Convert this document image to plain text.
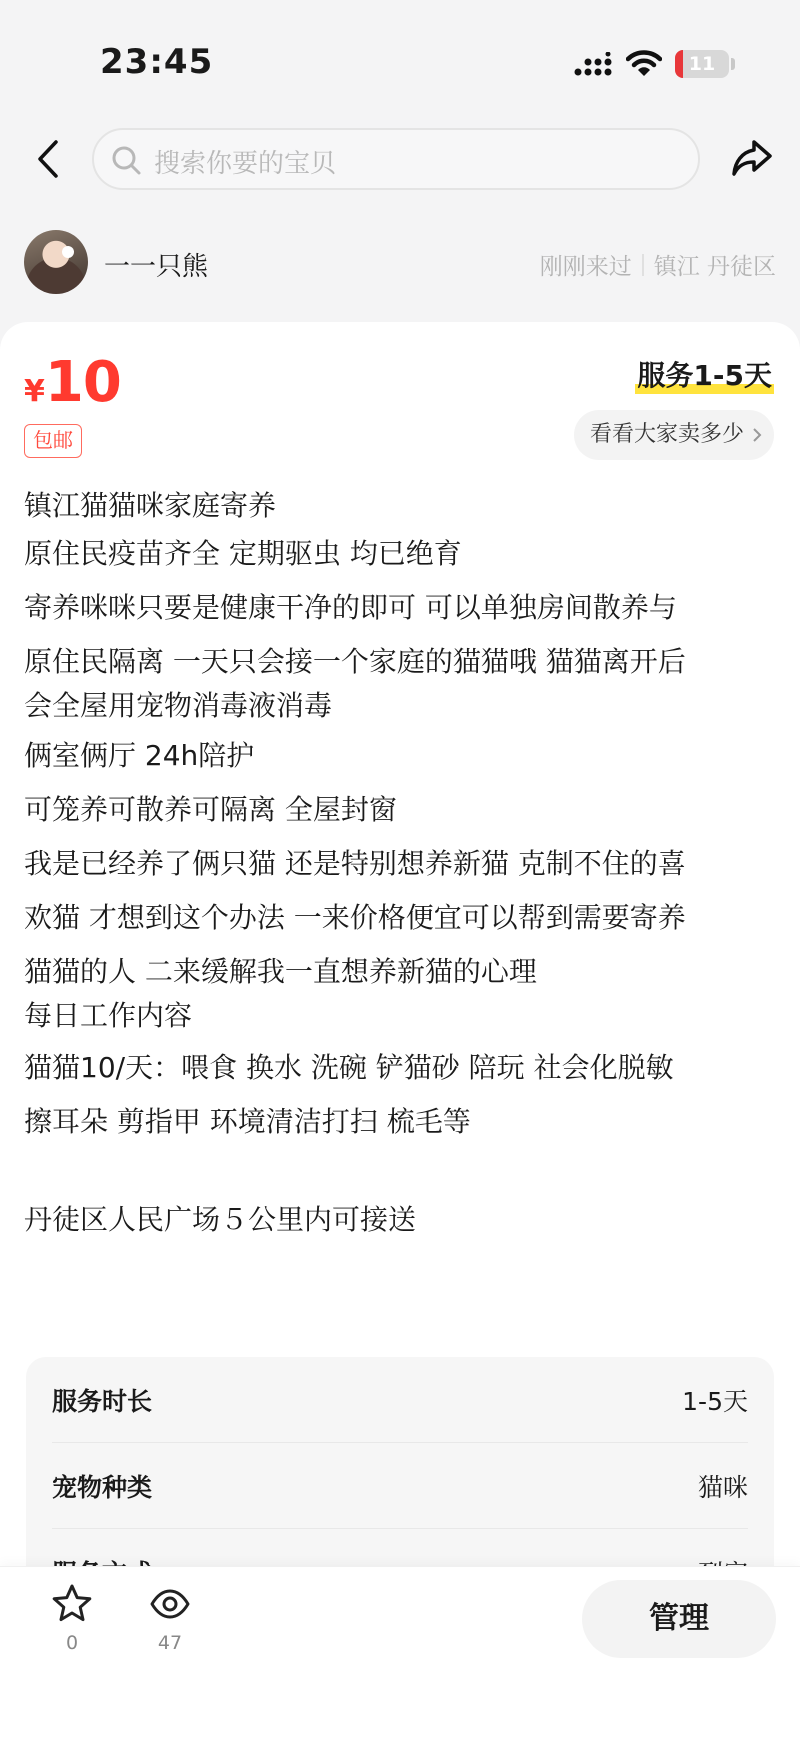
23:45	11
搜索你要的宝贝
一一只熊	刚刚来过 镇江 丹徒区
¥10
包邮
服务1-5天
看看大家卖多少
镇江猫猫咪家庭寄养
原住民疫苗齐全 定期驱虫 均已绝育
寄养咪咪只要是健康干净的即可 可以单独房间散养与
原住民隔离 一天只会接一个家庭的猫猫哦 猫猫离开后
会全屋用宠物消毒液消毒
俩室俩厅 24h陪护
可笼养可散养可隔离 全屋封窗
我是已经养了俩只猫 还是特别想养新猫 克制不住的喜
欢猫 才想到这个办法 一来价格便宜可以帮到需要寄养
猫猫的人 二来缓解我一直想养新猫的心理
每日工作内容
猫猫10/天：喂食 换水 洗碗 铲猫砂 陪玩 社会化脱敏
擦耳朵 剪指甲 环境清洁打扫 梳毛等
丹徒区人民广场５公里内可接送
服务时长	1-5天
宠物种类	猫咪
0	47
管理
